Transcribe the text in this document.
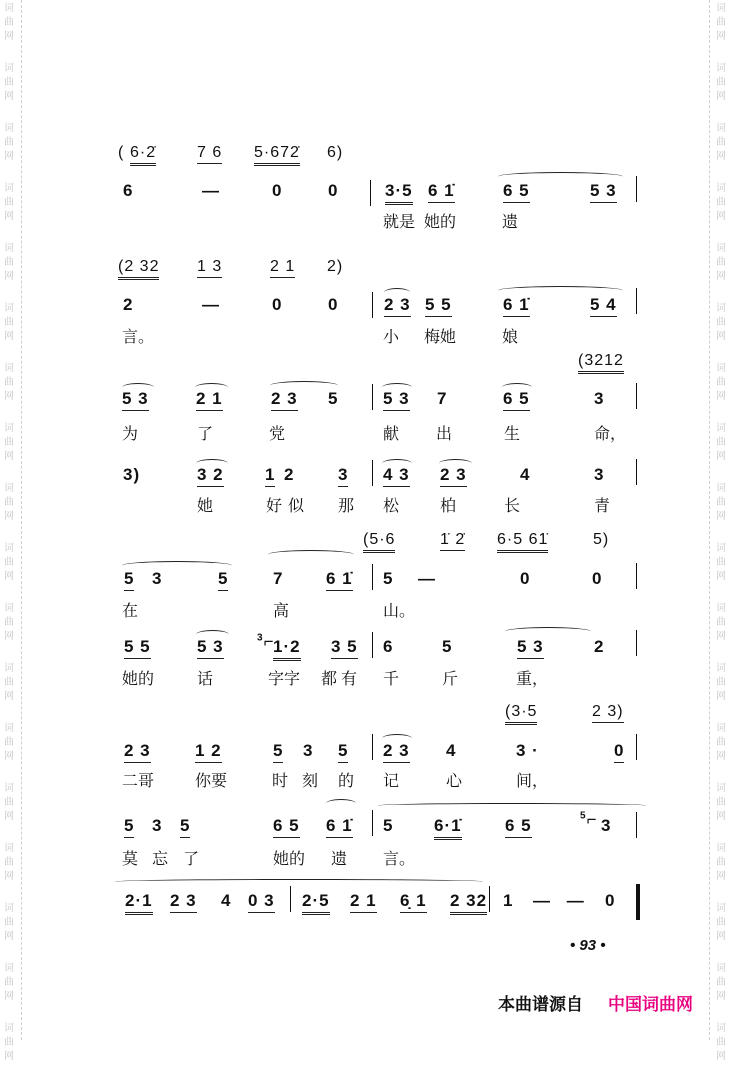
词
曲
网
词
曲
网
词
曲
网
词
曲
网
词
曲
网
词
曲
网
词
曲
网
词
曲
网
词
曲
网
词
曲
网
词
曲
网
词
曲
网
词
曲
网
词
曲
网
词
曲
网
词
曲
网
词
曲
网
词
曲
网
词
曲
网
词
曲
网
词
曲
网
词
曲
网
词
曲
网
词
曲
网
词
曲
网
词
曲
网
词
曲
网
词
曲
网
词
曲
网
词
曲
网
词
曲
网
词
曲
网
词
曲
网
词
曲
网
词
曲
网
词
曲
网
( 6·2̇	7 6 5·672̇ 6)
6	—	0	0	3·5 6 1̇	6 5	5 3
就是 她的	遗
(2 32 1 3	2 1 2)
2	—	0	0	2 3 5 5	6 1̇	5 4
言。	小 梅她	娘
(3212
5 3	2 1	2 3 5	5 3 7	6 5	3
为	了	党	献 出	生	命，
3)	3 2 1 2	3 4 3 2 3	4	3
她	好似 那 松	柏	长	青
(5·6	1̇ 2̇ 6·5 61̇	5)
5 3	5	7	6 1̇ 5 —	0	0
在	高	山。
5 5	5 3	$^3$⌐
1·2 3 5 6	5	5 3	2
她的	话	字字 都有 千	斤	重，
(3·5	2 3)
2 3	1 2	5 3 5 2 3 4	3 ·	0
二哥	你要	时 刻 的 记	心	间，
5 3 5	6 5 6 1̇ 5 6·1̇	6 5
$^5$⌐ 3
莫 忘 了	她的 遗 言。
2·1 2 3 4 0 3 2·5 2 1 6̣ 1 2 32 1 — — 0
• 93 •
本曲谱源自 中国词曲网
